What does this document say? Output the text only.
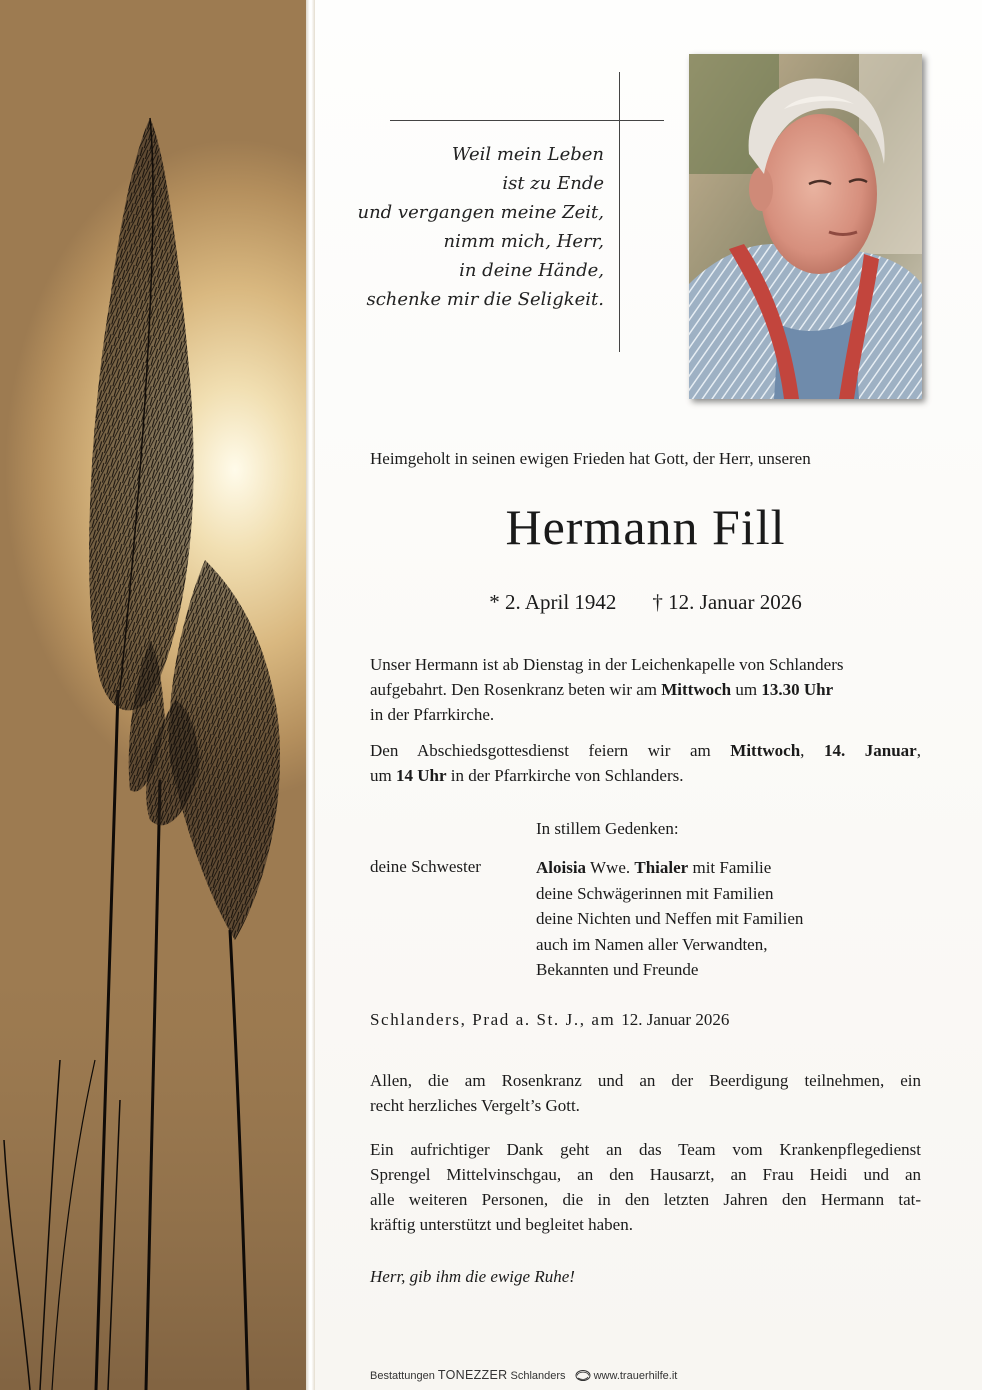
Weil mein Leben
ist zu Ende
und vergangen meine Zeit,
nimm mich, Herr,
in deine Hände,
schenke mir die Seligkeit.
Heimgeholt in seinen ewigen Frieden hat Gott, der Herr, unseren
Hermann Fill
* 2. April 1942 † 12. Januar 2026
Unser Hermann ist ab Dienstag in der Leichenkapelle von Schlanders
aufgebahrt. Den Rosenkranz beten wir am Mittwoch um 13.30 Uhr
in der Pfarrkirche.
Den Abschiedsgottesdienst feiern wir am Mittwoch, 14. Januar,
um 14 Uhr in der Pfarrkirche von Schlanders.
In stillem Gedenken:
deine Schwester	Aloisia Wwe. Thialer mit Familie
deine Schwägerinnen mit Familien
deine Nichten und Neffen mit Familien
auch im Namen aller Verwandten,
Bekannten und Freunde
Schlanders, Prad a. St. J., am 12. Januar 2026
Allen, die am Rosenkranz und an der Beerdigung teilnehmen, ein
recht herzliches Vergelt’s Gott.
Ein aufrichtiger Dank geht an das Team vom Krankenpflegedienst
Sprengel Mittelvinschgau, an den Hausarzt, an Frau Heidi und an
alle weiteren Personen, die in den letzten Jahren den Hermann tat-
kräftig unterstützt und begleitet haben.
Herr, gib ihm die ewige Ruhe!
Bestattungen TONEZZER Schlanders	www.trauerhilfe.it
